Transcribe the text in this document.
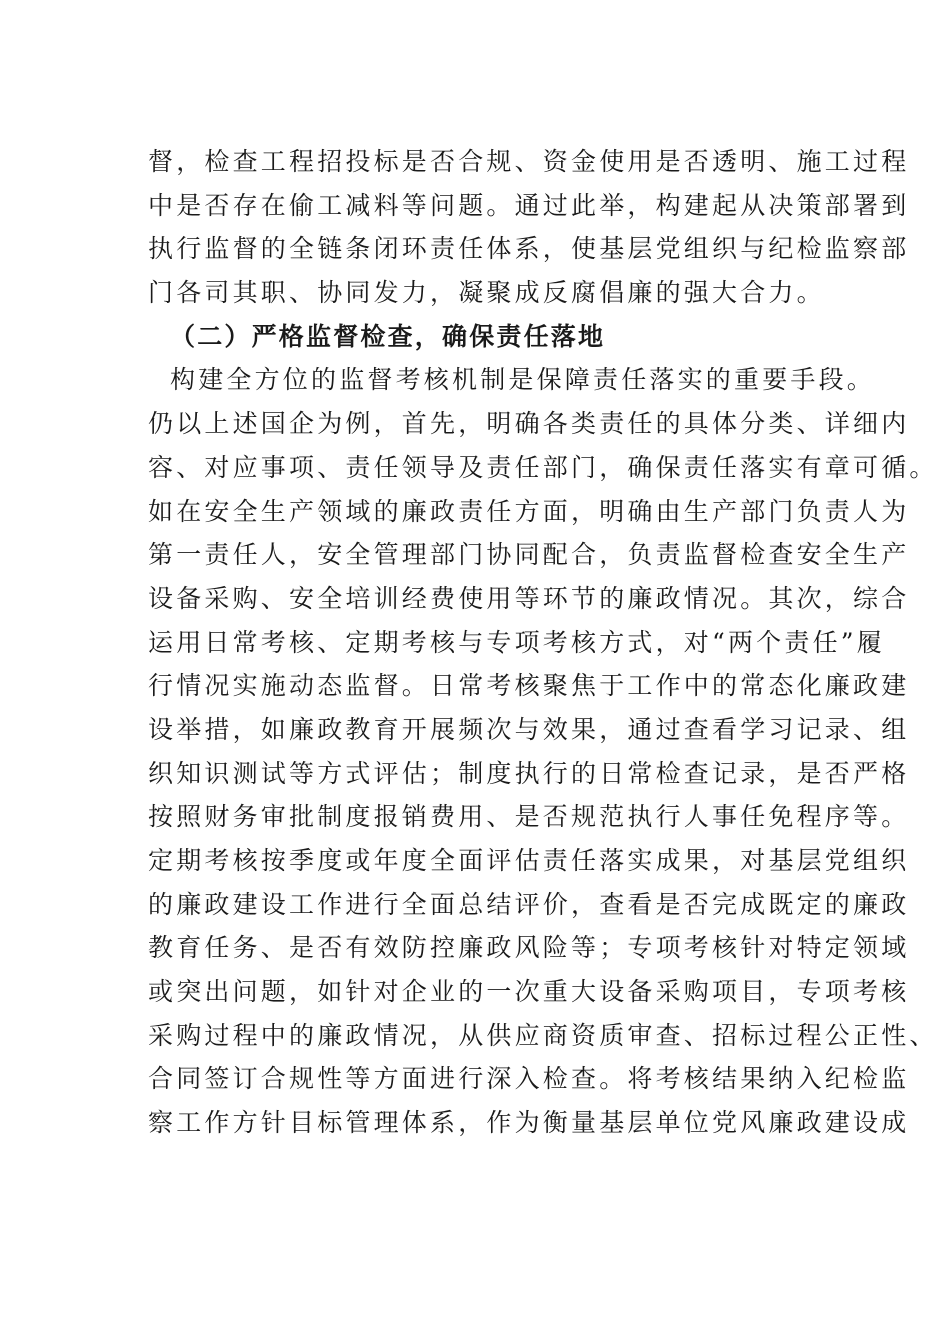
督，检查工程招投标是否合规、资金使用是否透明、施工过程
中是否存在偷工减料等问题。通过此举，构建起从决策部署到
执行监督的全链条闭环责任体系，使基层党组织与纪检监察部
门各司其职、协同发力，凝聚成反腐倡廉的强大合力。
（二）严格监督检查，确保责任落地
构建全方位的监督考核机制是保障责任落实的重要手段。
仍以上述国企为例，首先，明确各类责任的具体分类、详细内
容、对应事项、责任领导及责任部门，确保责任落实有章可循。
如在安全生产领域的廉政责任方面，明确由生产部门负责人为
第一责任人，安全管理部门协同配合，负责监督检查安全生产
设备采购、安全培训经费使用等环节的廉政情况。其次，综合
运用日常考核、定期考核与专项考核方式，对“两个责任”履
行情况实施动态监督。日常考核聚焦于工作中的常态化廉政建
设举措，如廉政教育开展频次与效果，通过查看学习记录、组
织知识测试等方式评估；制度执行的日常检查记录，是否严格
按照财务审批制度报销费用、是否规范执行人事任免程序等。
定期考核按季度或年度全面评估责任落实成果，对基层党组织
的廉政建设工作进行全面总结评价，查看是否完成既定的廉政
教育任务、是否有效防控廉政风险等；专项考核针对特定领域
或突出问题，如针对企业的一次重大设备采购项目，专项考核
采购过程中的廉政情况，从供应商资质审查、招标过程公正性、
合同签订合规性等方面进行深入检查。将考核结果纳入纪检监
察工作方针目标管理体系，作为衡量基层单位党风廉政建设成
